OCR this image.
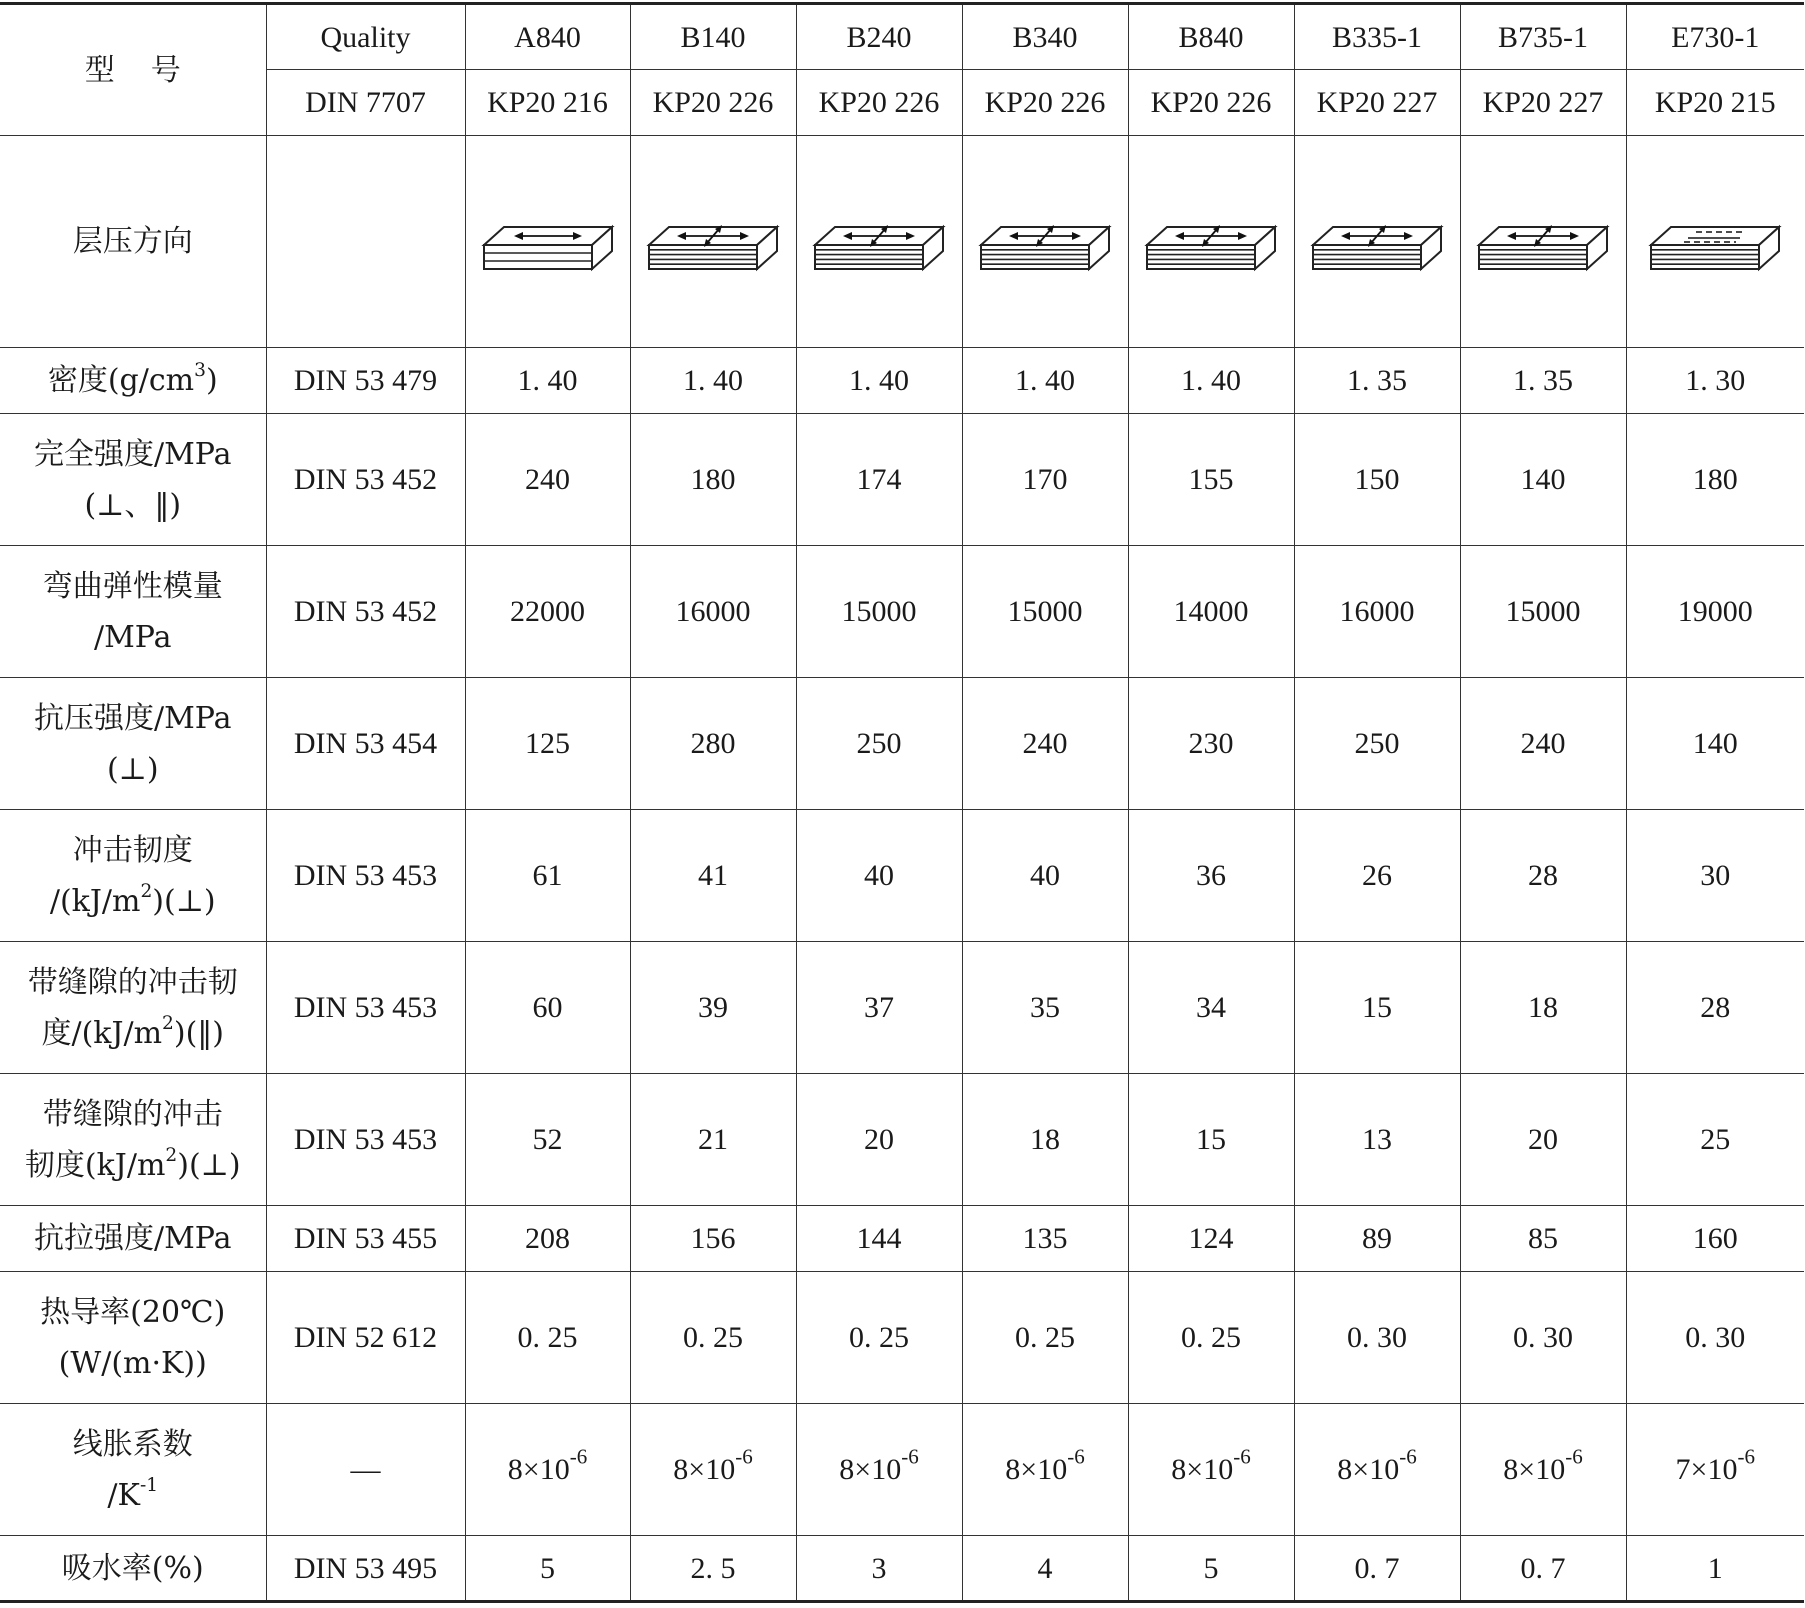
型号	Quality	A840	B140	B240	B340	B840	B335-1	B735-1	E730-1
	DIN 7707	KP20 216	KP20 226	KP20 226	KP20 226	KP20 226	KP20 227	KP20 227	KP20 215
层压方向		

密度$(g/cm^3)$	DIN 53 479	1. 40	1. 40	1. 40	1. 40	1. 40	1. 35	1. 35	1. 30
完全强度/MPa
(⊥、‖)	DIN 53 452	240	180	174	170	155	150	140	180
弯曲弹性模量
/MPa	DIN 53 452	22000	16000	15000	15000	14000	16000	15000	19000
抗压强度/MPa
(⊥)	DIN 53 454	125	280	250	240	230	250	240	140
冲击韧度
$/(kJ/m^2)(\perp)$	DIN 53 453	61	41	40	40	36	26	28	30
带缝隙的冲击韧
度$/(kJ/m^2)(‖)$	DIN 53 453	60	39	37	35	34	15	18	28
带缝隙的冲击
韧度$(kJ/m^2)(\perp)$	DIN 53 453	52	21	20	18	15	13	20	25
抗拉强度/MPa	DIN 53 455	208	156	144	135	124	89	85	160
热导率(20℃)
(W/(m·K))	DIN 52 612	0. 25	0. 25	0. 25	0. 25	0. 25	0. 30	0. 30	0. 30
线胀系数
$/K^{-1}$	—	$8\times 10^{-6}$	$8\times 10^{-6}$	$8\times 10^{-6}$	$8\times 10^{-6}$	$8\times 10^{-6}$	$8\times 10^{-6}$	$8\times 10^{-6}$	$7\times 10^{-6}$
吸水率(%)	DIN 53 495	5	2. 5	3	4	5	0. 7	0. 7	1
